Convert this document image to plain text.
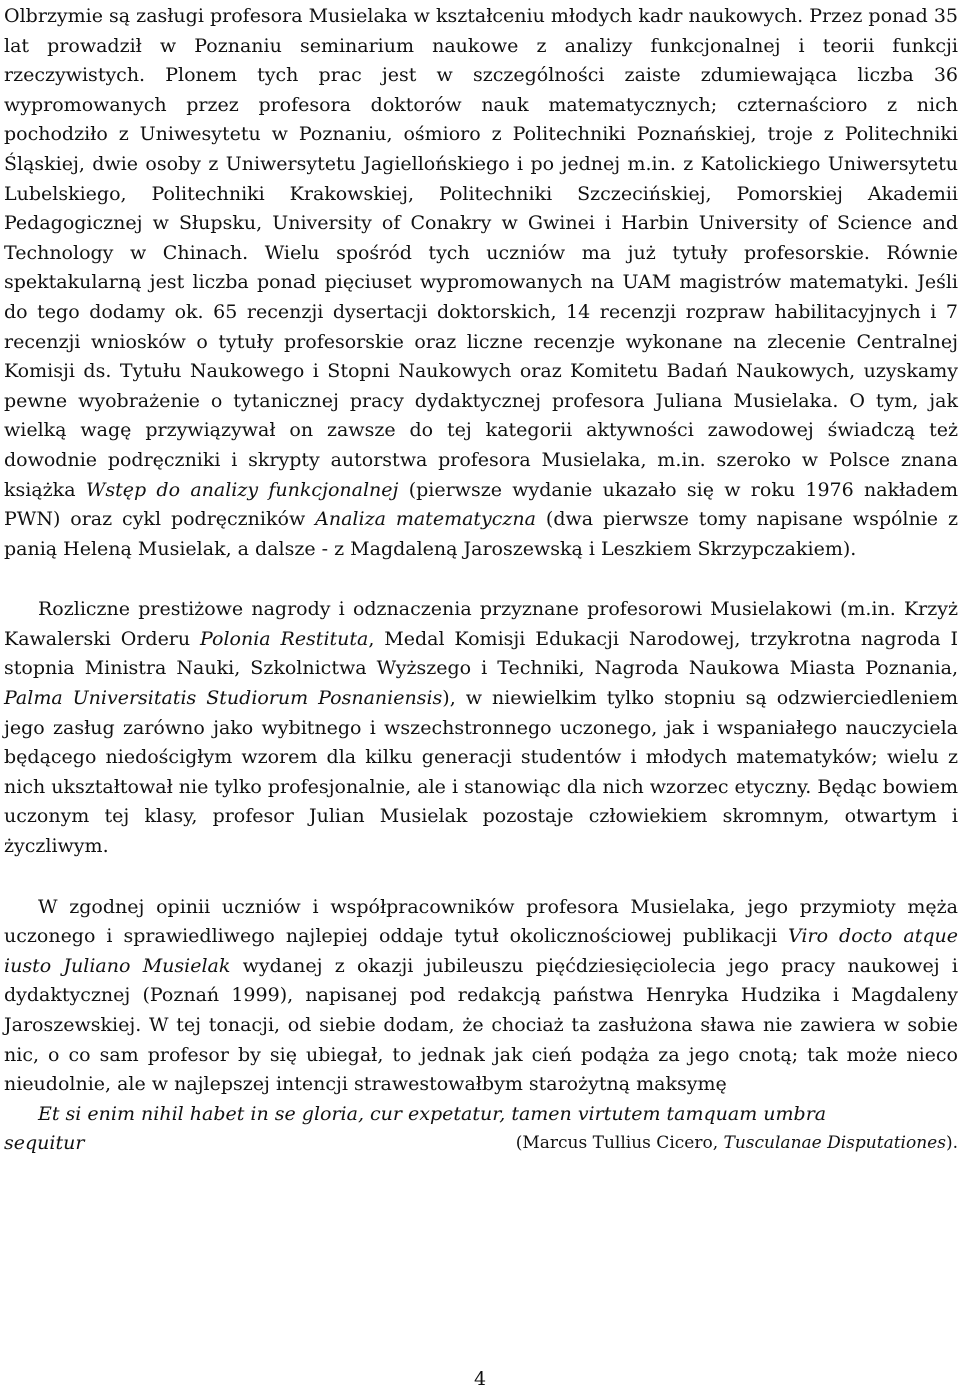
Olbrzymie są zasługi profesora Musielaka w kształceniu młodych kadr naukowych. Przez ponad 35 lat prowadził w Poznaniu seminarium naukowe z analizy funkcjonalnej i teorii funkcji rzeczywistych. Plonem tych prac jest w szczególności zaiste zdumiewająca liczba 36 wypromowanych przez profesora doktorów nauk matematycznych; czternaścioro z nich pochodziło z Uniwesytetu w Poznaniu, ośmioro z Politechniki Poznańskiej, troje z Politechniki Śląskiej, dwie osoby z Uniwersytetu Jagiellońskiego i po jednej m.in. z Katolickiego Uniwersytetu Lubelskiego, Politechniki Krakowskiej, Politechniki Szczecińskiej, Pomorskiej Akademii Pedagogicznej w Słupsku, University of Conakry w Gwinei i Harbin University of Science and Technology w Chinach. Wielu spośród tych uczniów ma już tytuły profesorskie. Równie spektakularną jest liczba ponad pięciuset wypromowanych na UAM magistrów matematyki. Jeśli do tego dodamy ok. 65 recenzji dysertacji doktorskich, 14 recenzji rozpraw habilitacyjnych i 7 recenzji wniosków o tytuły profesorskie oraz liczne recenzje wykonane na zlecenie Centralnej Komisji ds. Tytułu Naukowego i Stopni Naukowych oraz Komitetu Badań Naukowych, uzyskamy pewne wyobrażenie o tytanicznej pracy dydaktycznej profesora Juliana Musielaka. O tym, jak wielką wagę przywiązywał on zawsze do tej kategorii aktywności zawodowej świadczą też dowodnie podręczniki i skrypty autorstwa profesora Musielaka, m.in. szeroko w Polsce znana książka Wstęp do analizy funkcjonalnej (pierwsze wydanie ukazało się w roku 1976 nakładem PWN) oraz cykl podręczników Analiza matematyczna (dwa pierwsze tomy napisane wspólnie z panią Heleną Musielak, a dalsze - z Magdaleną Jaroszewską i Leszkiem Skrzypczakiem).

Rozliczne prestiżowe nagrody i odznaczenia przyznane profesorowi Musielakowi (m.in. Krzyż Kawalerski Orderu Polonia Restituta, Medal Komisji Edukacji Narodowej, trzykrotna nagroda I stopnia Ministra Nauki, Szkolnictwa Wyższego i Techniki, Nagroda Naukowa Miasta Poznania, Palma Universitatis Studiorum Posnaniensis), w niewielkim tylko stopniu są odzwierciedleniem jego zasług zarówno jako wybitnego i wszechstronnego uczonego, jak i wspaniałego nauczyciela będącego niedościgłym wzorem dla kilku generacji studentów i młodych matematyków; wielu z nich ukształtował nie tylko profesjonalnie, ale i stanowiąc dla nich wzorzec etyczny. Będąc bowiem uczonym tej klasy, profesor Julian Musielak pozostaje człowiekiem skromnym, otwartym i życzliwym.

W zgodnej opinii uczniów i współpracowników profesora Musielaka, jego przymioty męża uczonego i sprawiedliwego najlepiej oddaje tytuł okolicznościowej publikacji Viro docto atque iusto Juliano Musielak wydanej z okazji jubileuszu pięćdziesięciolecia jego pracy naukowej i dydaktycznej (Poznań 1999), napisanej pod redakcją państwa Henryka Hudzika i Magdaleny Jaroszewskiej. W tej tonacji, od siebie dodam, że chociaż ta zasłużona sława nie zawiera w sobie nic, o co sam profesor by się ubiegał, to jednak jak cień podąża za jego cnotą; tak może nieco nieudolnie, ale w najlepszej intencji strawestowałbym starożytną maksymę

Et si enim nihil habet in se gloria, cur expetatur, tamen virtutem tamquam umbra

sequitur	(Marcus Tullius Cicero, Tusculanae Disputationes).
4
